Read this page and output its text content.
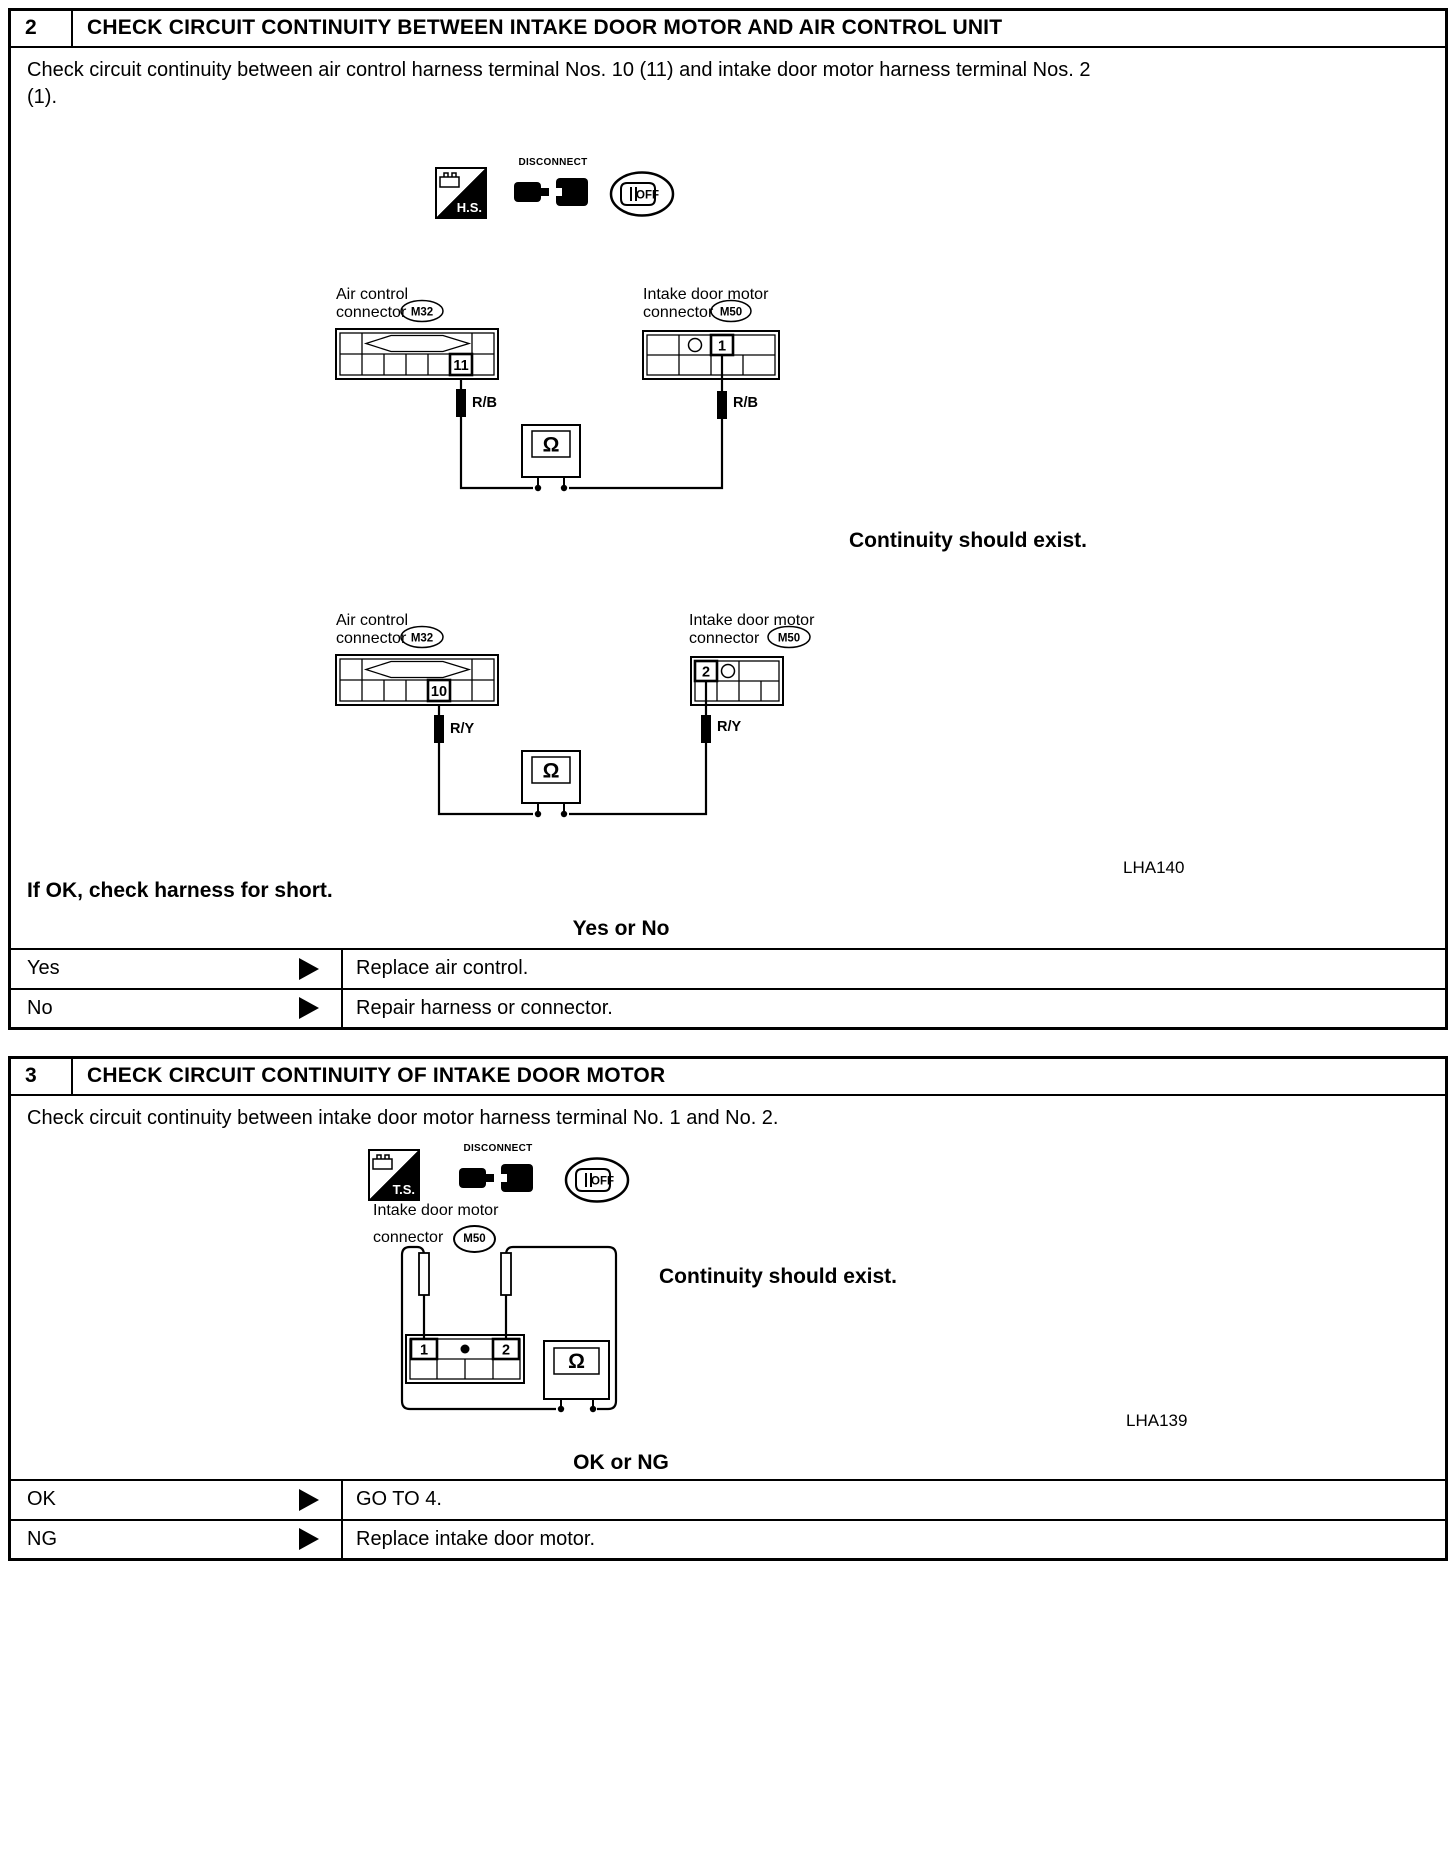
2	CHECK CIRCUIT CONTINUITY BETWEEN INTAKE DOOR MOTOR AND AIR CONTROL UNIT
Check circuit continuity between air control harness terminal Nos. 10 (11) and intake door motor harness terminal Nos. 2
(1).
H.S.
DISCONNECT
OFF
Air control
connector M32
11
Intake door motor
connector M50
1
R/B	R/B
Ω
Continuity should exist.
Air control
connector M32
10
Intake door motor
connector M50
2
R/Y	R/Y
Ω
LHA140
If OK, check harness for short.
Yes or No
Yes	Replace air control.
No	Repair harness or connector.
3	CHECK CIRCUIT CONTINUITY OF INTAKE DOOR MOTOR
Check circuit continuity between intake door motor harness terminal No. 1 and No. 2.
T.S.
DISCONNECT
OFF
Intake door motor
connector M50
1	2	Ω
Continuity should exist.
LHA139
OK or NG
OK	GO TO 4.
NG	Replace intake door motor.
